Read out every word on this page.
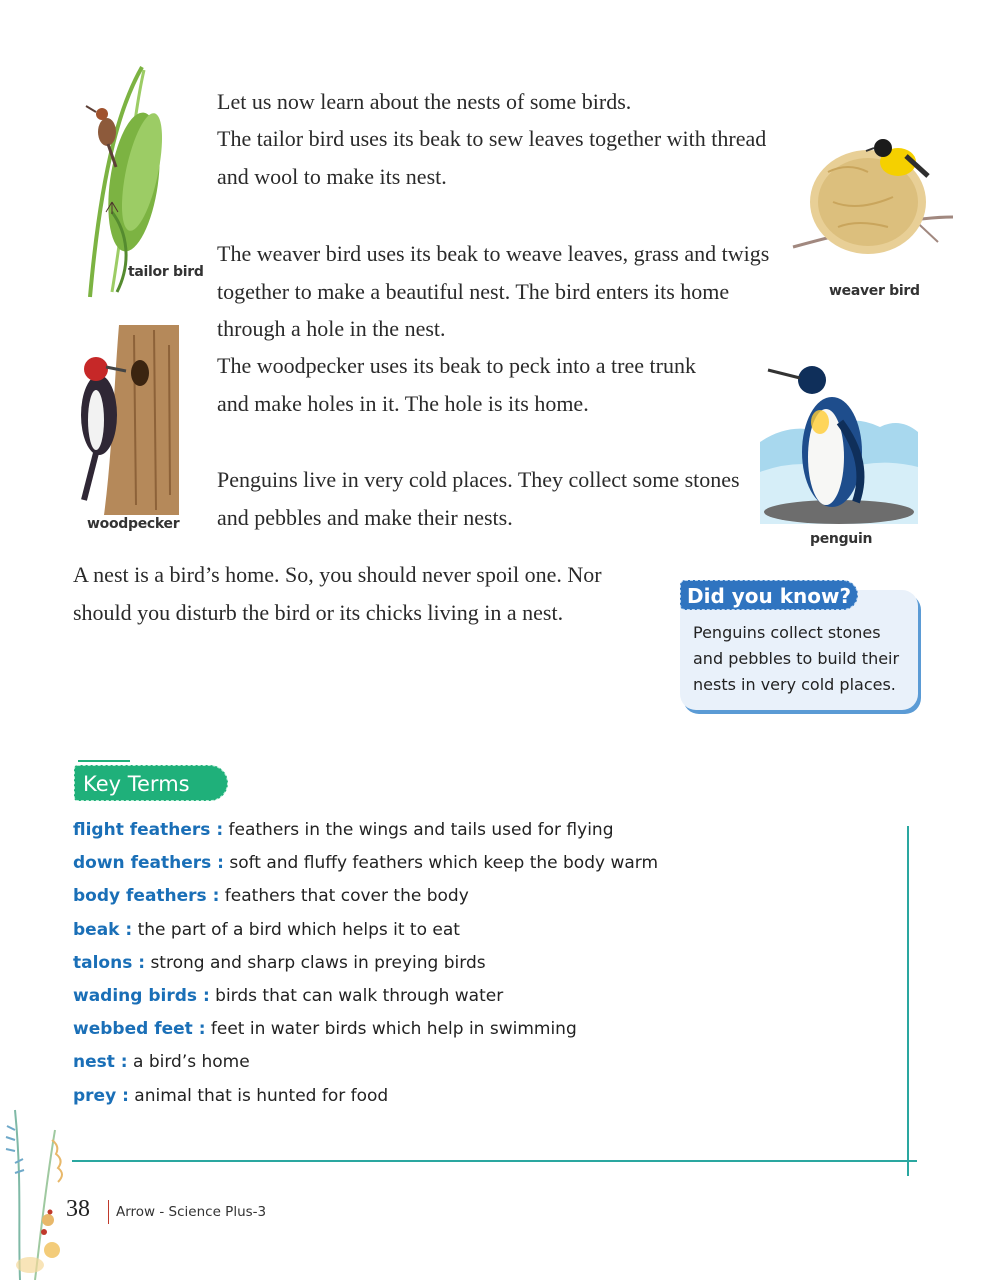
tailor bird

Let us now learn about the nests of some birds.

The tailor bird uses its beak to sew leaves together with thread and wool to make its nest.

weaver bird

The weaver bird uses its beak to weave leaves, grass and twigs together to make a beautiful nest. The bird enters its home through a hole in the nest.

woodpecker

The woodpecker uses its beak to peck into a tree trunk and make holes in it. The hole is its home.

penguin

Penguins live in very cold places. They collect some stones and pebbles and make their nests.

A nest is a bird’s home. So, you should never spoil one. Nor should you disturb the bird or its chicks living in a nest.

Did you know?

Penguins collect stones and pebbles to build their nests in very cold places.

Key Terms
flight feathers : feathers in the wings and tails used for flying
down feathers : soft and fluffy feathers which keep the body warm
body feathers : feathers that cover the body
beak : the part of a bird which helps it to eat
talons : strong and sharp claws in preying birds
wading birds : birds that can walk through water
webbed feet : feet in water birds which help in swimming
nest : a bird’s home
prey : animal that is hunted for food
38 Arrow - Science Plus-3
